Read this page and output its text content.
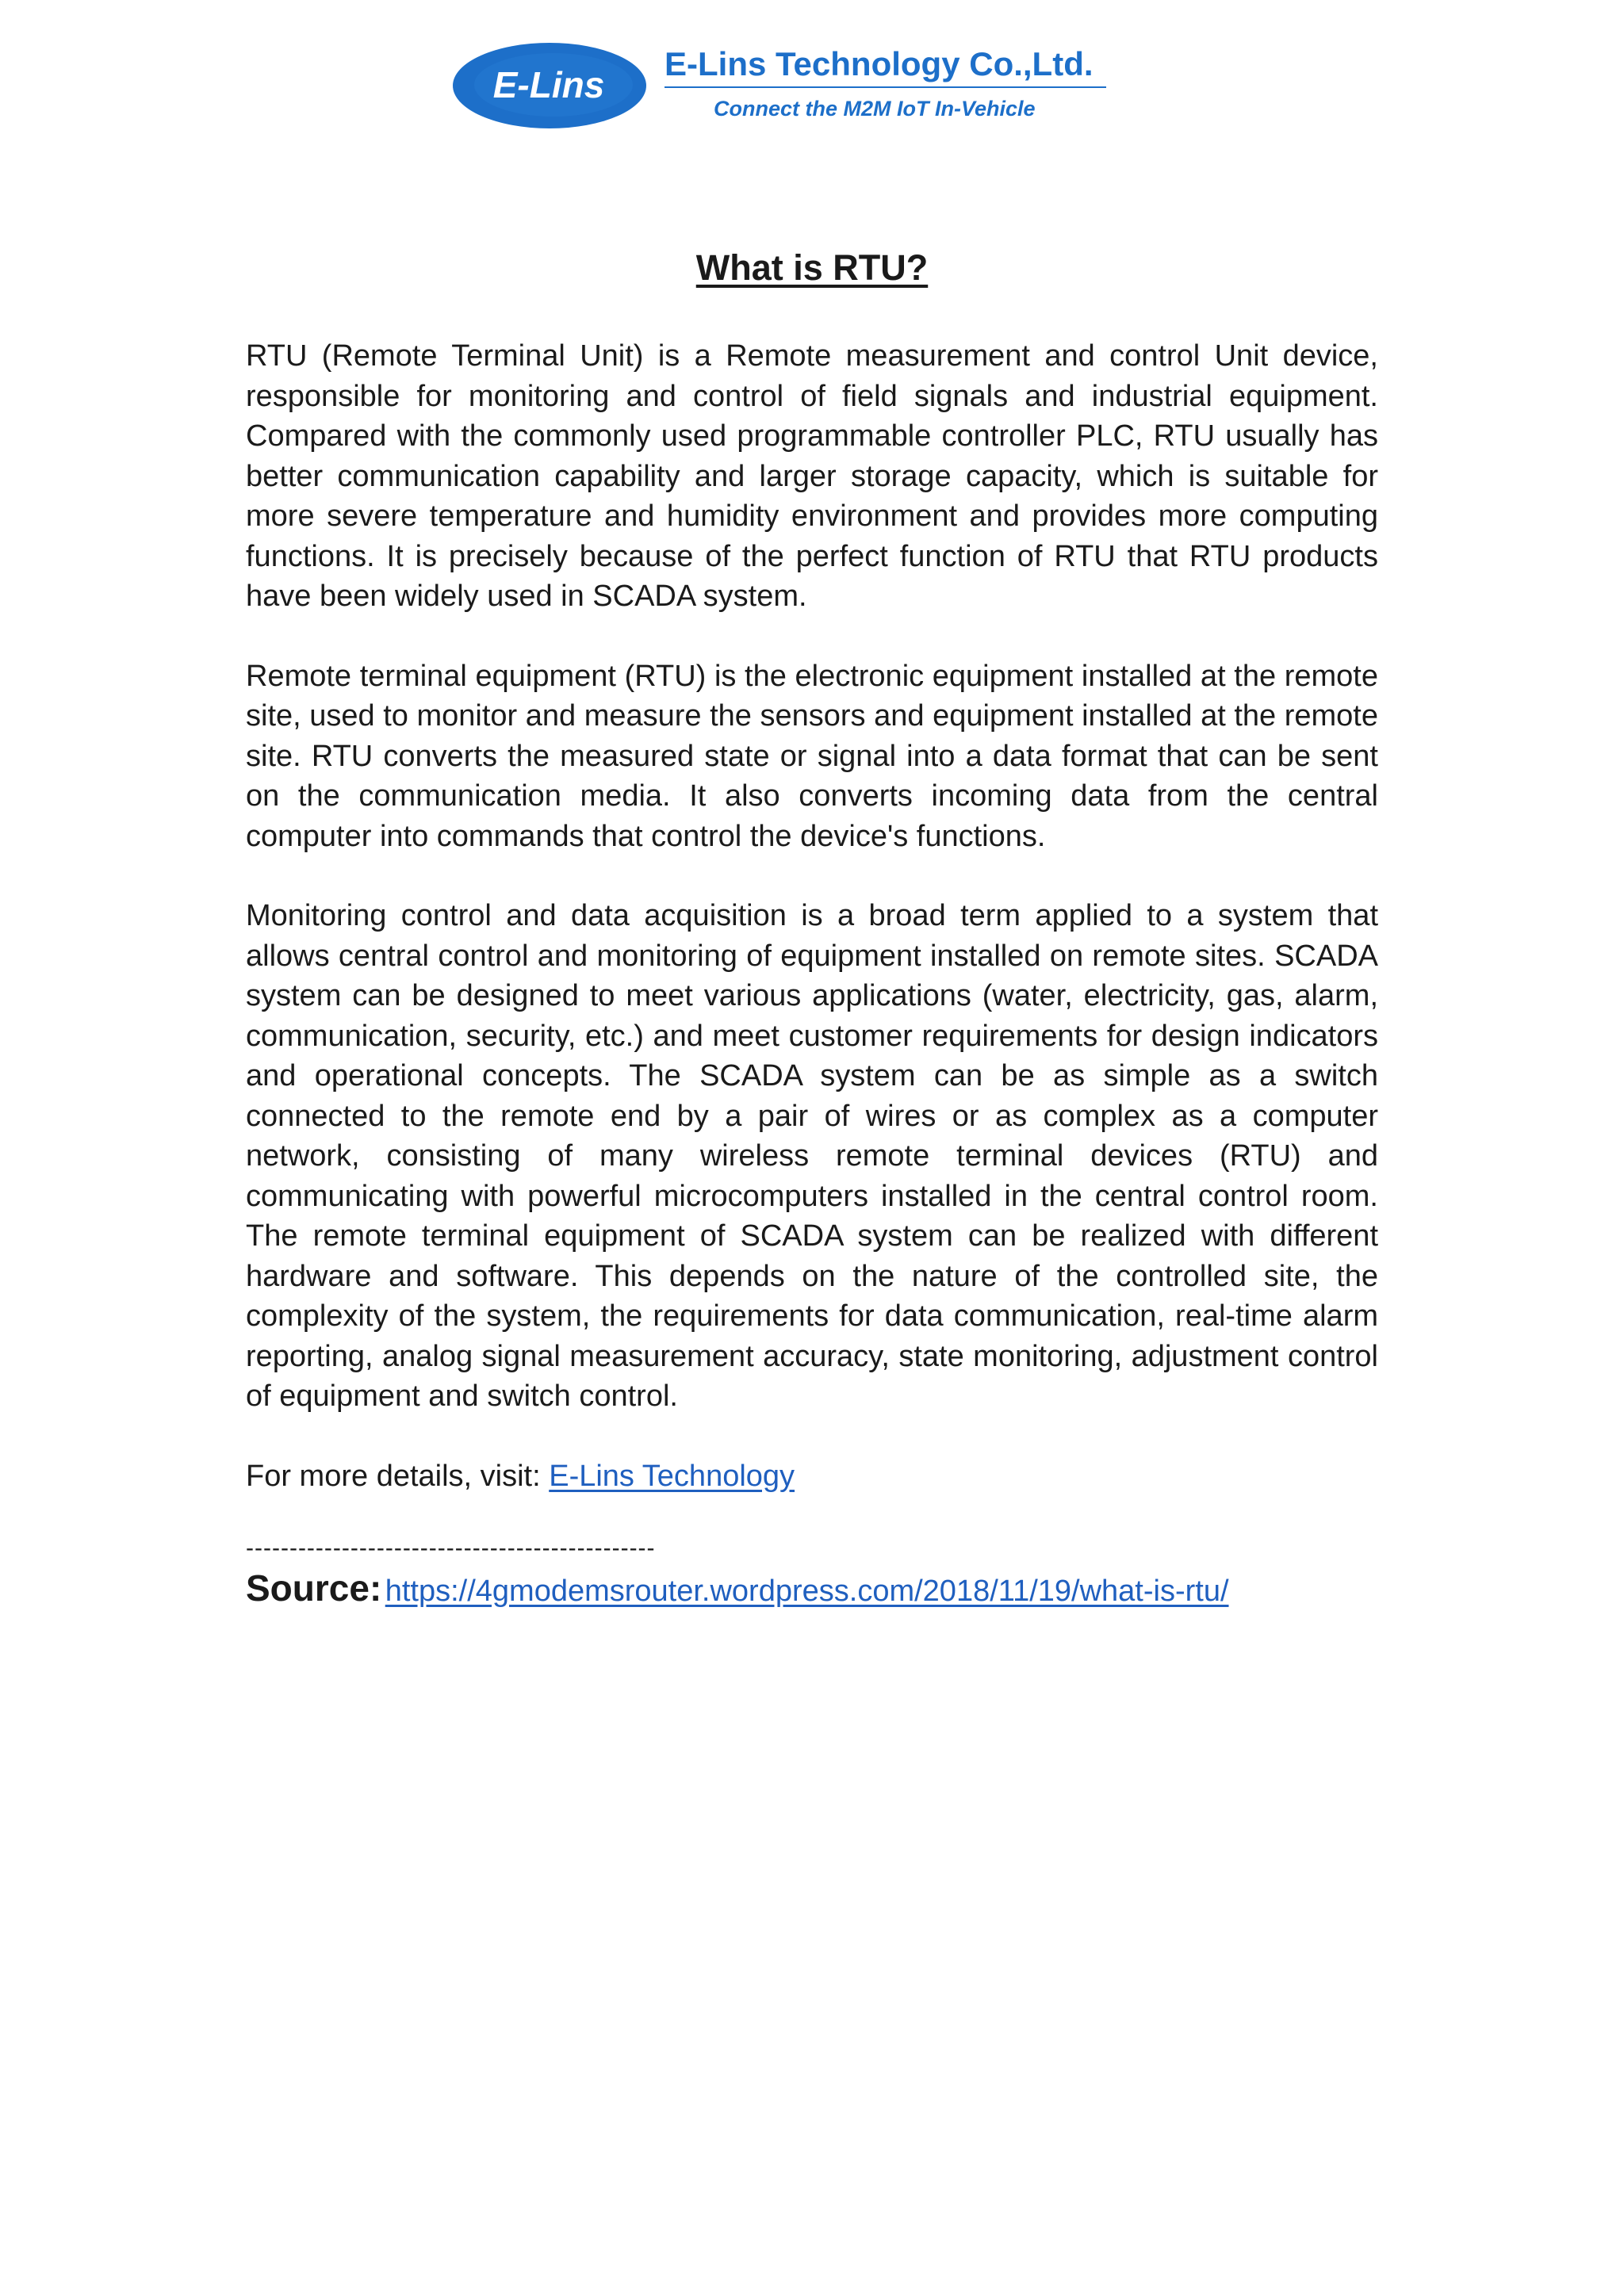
E-Lins
E-Lins Technology Co.,Ltd.
Connect the M2M IoT In-Vehicle
What is RTU?

RTU (Remote Terminal Unit) is a Remote measurement and control Unit device, responsible for monitoring and control of field signals and industrial equipment. Compared with the commonly used programmable controller PLC, RTU usually has better communication capability and larger storage capacity, which is suitable for more severe temperature and humidity environment and provides more computing functions. It is precisely because of the perfect function of RTU that RTU products have been widely used in SCADA system.

Remote terminal equipment (RTU) is the electronic equipment installed at the remote site, used to monitor and measure the sensors and equipment installed at the remote site. RTU converts the measured state or signal into a data format that can be sent on the communication media. It also converts incoming data from the central computer into commands that control the device's functions.

Monitoring control and data acquisition is a broad term applied to a system that allows central control and monitoring of equipment installed on remote sites. SCADA system can be designed to meet various applications (water, electricity, gas, alarm, communication, security, etc.) and meet customer requirements for design indicators and operational concepts. The SCADA system can be as simple as a switch connected to the remote end by a pair of wires or as complex as a computer network, consisting of many wireless remote terminal devices (RTU) and communicating with powerful microcomputers installed in the central control room. The remote terminal equipment of SCADA system can be realized with different hardware and software. This depends on the nature of the controlled site, the complexity of the system, the requirements for data communication, real-time alarm reporting, analog signal measurement accuracy, state monitoring, adjustment control of equipment and switch control.

For more details, visit: E-Lins Technology

-----------------------------------------------

Source: https://4gmodemsrouter.wordpress.com/2018/11/19/what-is-rtu/
